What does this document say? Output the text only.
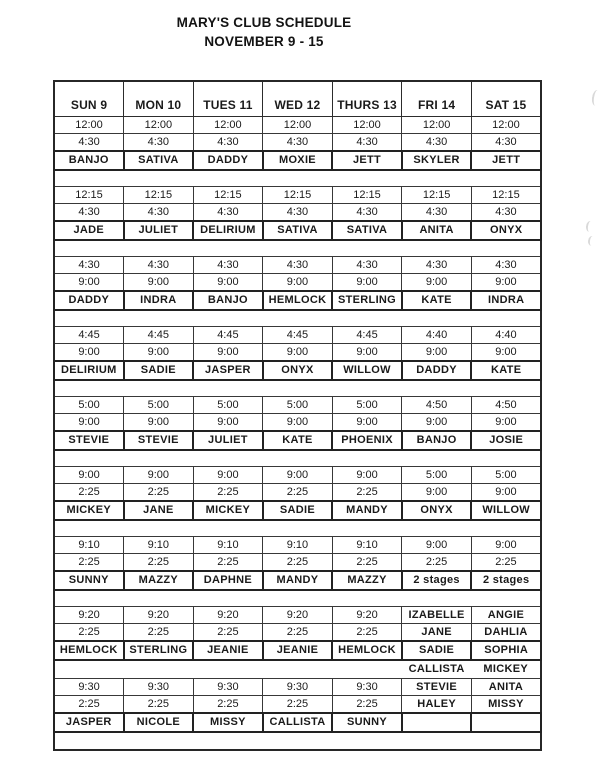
MARY'S CLUB SCHEDULE
NOVEMBER 9 - 15
SUN 9	MON 10	TUES 11	WED 12	THURS 13	FRI 14	SAT 15
12:00	12:00	12:00	12:00	12:00	12:00	12:00
4:30	4:30	4:30	4:30	4:30	4:30	4:30
BANJO	SATIVA	DADDY	MOXIE	JETT	SKYLER	JETT

12:15	12:15	12:15	12:15	12:15	12:15	12:15
4:30	4:30	4:30	4:30	4:30	4:30	4:30
JADE	JULIET	DELIRIUM	SATIVA	SATIVA	ANITA	ONYX

4:30	4:30	4:30	4:30	4:30	4:30	4:30
9:00	9:00	9:00	9:00	9:00	9:00	9:00
DADDY	INDRA	BANJO	HEMLOCK	STERLING	KATE	INDRA

4:45	4:45	4:45	4:45	4:45	4:40	4:40
9:00	9:00	9:00	9:00	9:00	9:00	9:00
DELIRIUM	SADIE	JASPER	ONYX	WILLOW	DADDY	KATE

5:00	5:00	5:00	5:00	5:00	4:50	4:50
9:00	9:00	9:00	9:00	9:00	9:00	9:00
STEVIE	STEVIE	JULIET	KATE	PHOENIX	BANJO	JOSIE

9:00	9:00	9:00	9:00	9:00	5:00	5:00
2:25	2:25	2:25	2:25	2:25	9:00	9:00
MICKEY	JANE	MICKEY	SADIE	MANDY	ONYX	WILLOW

9:10	9:10	9:10	9:10	9:10	9:00	9:00
2:25	2:25	2:25	2:25	2:25	2:25	2:25
SUNNY	MAZZY	DAPHNE	MANDY	MAZZY	2 stages	2 stages

9:20	9:20	9:20	9:20	9:20	IZABELLE	ANGIE
2:25	2:25	2:25	2:25	2:25	JANE	DAHLIA
HEMLOCK	STERLING	JEANIE	JEANIE	HEMLOCK	SADIE	SOPHIA
					CALLISTA	MICKEY
9:30	9:30	9:30	9:30	9:30	STEVIE	ANITA
2:25	2:25	2:25	2:25	2:25	HALEY	MISSY
JASPER	NICOLE	MISSY	CALLISTA	SUNNY		
